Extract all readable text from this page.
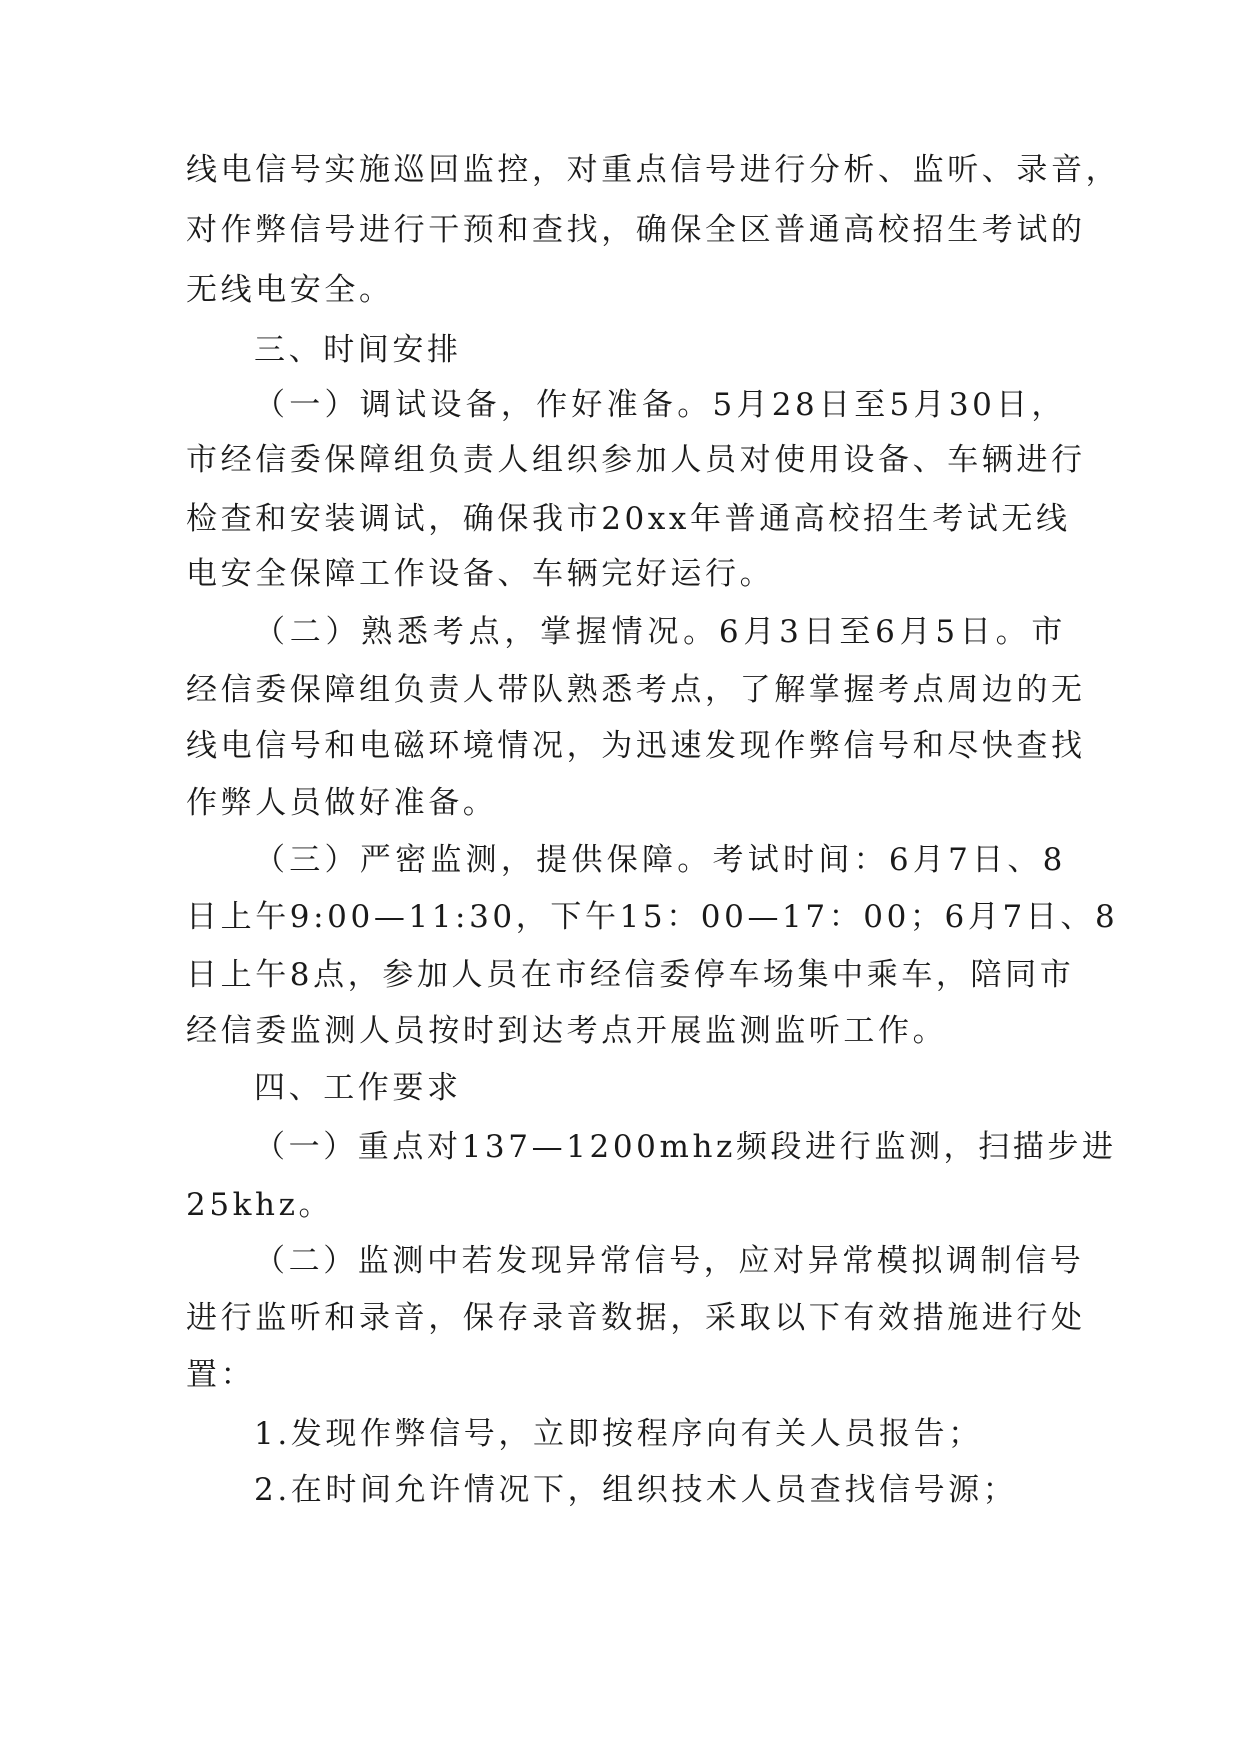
线电信号实施巡回监控，对重点信号进行分析、监听、录音，
对作弊信号进行干预和查找，确保全区普通高校招生考试的
无线电安全。
三、时间安排
（一）调试设备，作好准备。5月28日至5月30日，
市经信委保障组负责人组织参加人员对使用设备、车辆进行
检查和安装调试，确保我市20xx年普通高校招生考试无线
电安全保障工作设备、车辆完好运行。
（二）熟悉考点，掌握情况。6月3日至6月5日。市
经信委保障组负责人带队熟悉考点，了解掌握考点周边的无
线电信号和电磁环境情况，为迅速发现作弊信号和尽快查找
作弊人员做好准备。
（三）严密监测，提供保障。考试时间：6月7日、8
日上午9:00—11:30，下午15：00—17：00；6月7日、8
日上午8点，参加人员在市经信委停车场集中乘车，陪同市
经信委监测人员按时到达考点开展监测监听工作。
四、工作要求
（一）重点对137—1200mhz频段进行监测，扫描步进
25khz。
（二）监测中若发现异常信号，应对异常模拟调制信号
进行监听和录音，保存录音数据，采取以下有效措施进行处
置：
1.发现作弊信号，立即按程序向有关人员报告；
2.在时间允许情况下，组织技术人员查找信号源；
